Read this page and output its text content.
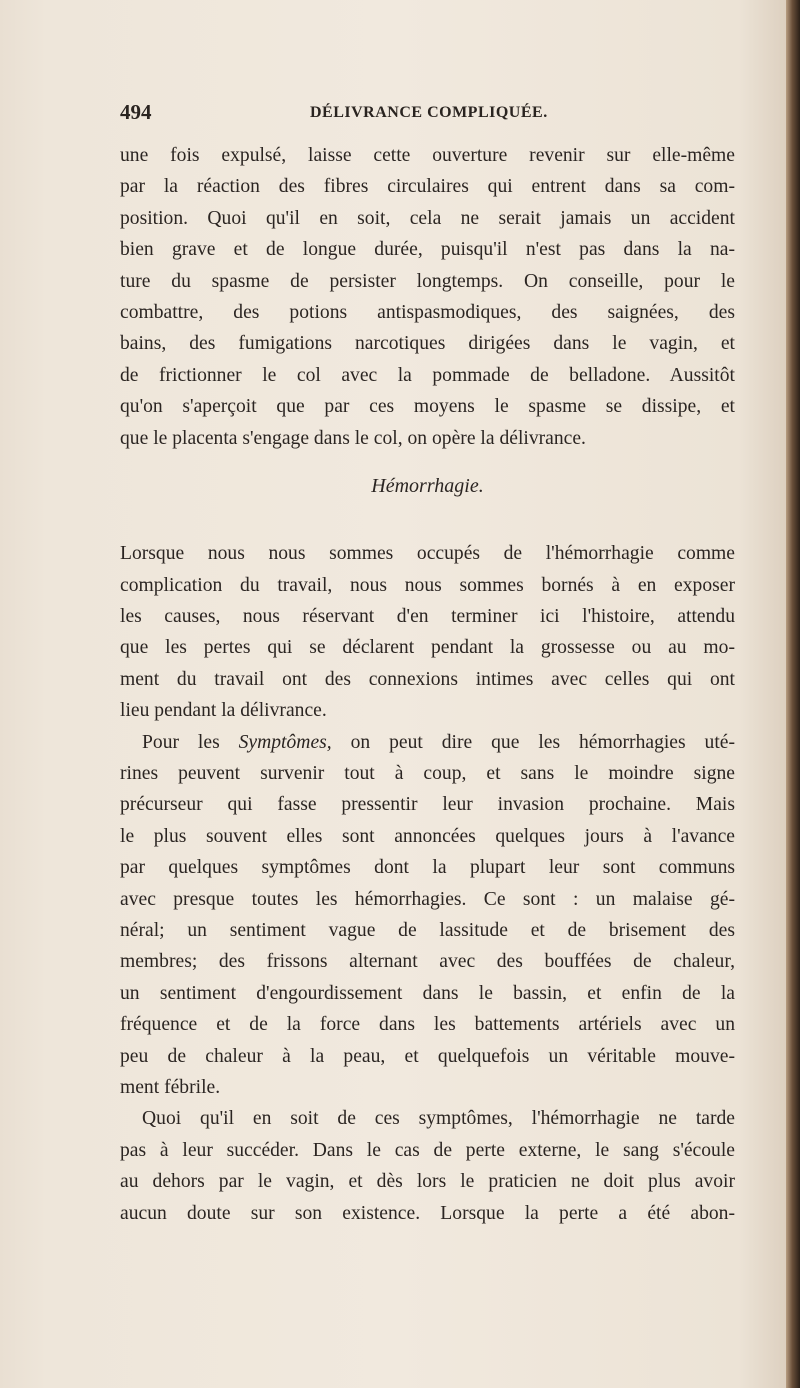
494	DÉLIVRANCE COMPLIQUÉE.
une fois expulsé, laisse cette ouverture revenir sur elle-même
par la réaction des fibres circulaires qui entrent dans sa com-
position. Quoi qu'il en soit, cela ne serait jamais un accident
bien grave et de longue durée, puisqu'il n'est pas dans la na-
ture du spasme de persister longtemps. On conseille, pour le
combattre, des potions antispasmodiques, des saignées, des
bains, des fumigations narcotiques dirigées dans le vagin, et
de frictionner le col avec la pommade de belladone. Aussitôt
qu'on s'aperçoit que par ces moyens le spasme se dissipe, et
que le placenta s'engage dans le col, on opère la délivrance.
Hémorrhagie.
Lorsque nous nous sommes occupés de l'hémorrhagie comme
complication du travail, nous nous sommes bornés à en exposer
les causes, nous réservant d'en terminer ici l'histoire, attendu
que les pertes qui se déclarent pendant la grossesse ou au mo-
ment du travail ont des connexions intimes avec celles qui ont
lieu pendant la délivrance.
Pour les Symptômes, on peut dire que les hémorrhagies uté-
rines peuvent survenir tout à coup, et sans le moindre signe
précurseur qui fasse pressentir leur invasion prochaine. Mais
le plus souvent elles sont annoncées quelques jours à l'avance
par quelques symptômes dont la plupart leur sont communs
avec presque toutes les hémorrhagies. Ce sont : un malaise gé-
néral; un sentiment vague de lassitude et de brisement des
membres; des frissons alternant avec des bouffées de chaleur,
un sentiment d'engourdissement dans le bassin, et enfin de la
fréquence et de la force dans les battements artériels avec un
peu de chaleur à la peau, et quelquefois un véritable mouve-
ment fébrile.
Quoi qu'il en soit de ces symptômes, l'hémorrhagie ne tarde
pas à leur succéder. Dans le cas de perte externe, le sang s'écoule
au dehors par le vagin, et dès lors le praticien ne doit plus avoir
aucun doute sur son existence. Lorsque la perte a été abon-
